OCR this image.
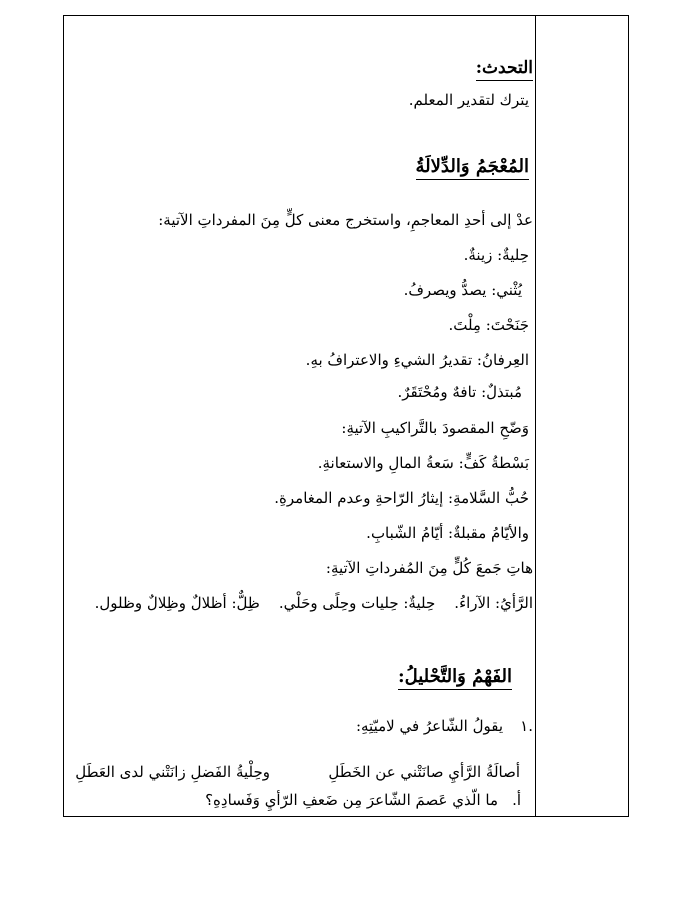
التحدث:
يترك لتقدير المعلم.
المُعْجَمُ وَالدِّلالَةُ
عدْ إلى أحدِ المعاجمِ، واستخرج معنى كلٍّ مِنَ المفرداتِ الآتية:
حِليةٌ: زينةٌ.
يُثْني: يصدُّ ويصرفُ.
جَنَحْتَ: مِلْتَ.
العِرفانُ: تقديرُ الشيءِ والاعترافُ بهِ.
مُبتذلٌ: تافهٌ ومُحْتَقَرٌ.
وَضّحِ المقصودَ بالتَّراكيبِ الآتيةِ:
بَسْطةُ كَفٍّ: سَعةُ المالِ والاستعانةِ.
حُبُّ السَّلامةِ: إيثارُ الرّاحةِ وعدم المغامرةِ.
والأيّامُ مقبلةٌ: أيّامُ الشّبابِ.
هاتِ جَمعَ كُلٍّ مِنَ المُفرداتِ الآتيةِ:
الرَّأيُ: الآراءُ.    حِليةٌ: حِليات وحِلًى وحَلْي.    ظِلٌّ: أظلالٌ وظِلالٌ وظلول.
الفَهْمُ وَالتَّحْليلُ:
١.
يقولُ الشّاعرُ في لاميّتِهِ:
أصالَةُ الرَّأيِ صانَتْني عن الخَطَلِ
وحِلْيةُ الفَضلِ زانَتْني لدى العَطَلِ
أ.
ما الّذي عَصمَ الشّاعرَ مِن ضَعفِ الرّأيِ وَفَسادِهِ؟
